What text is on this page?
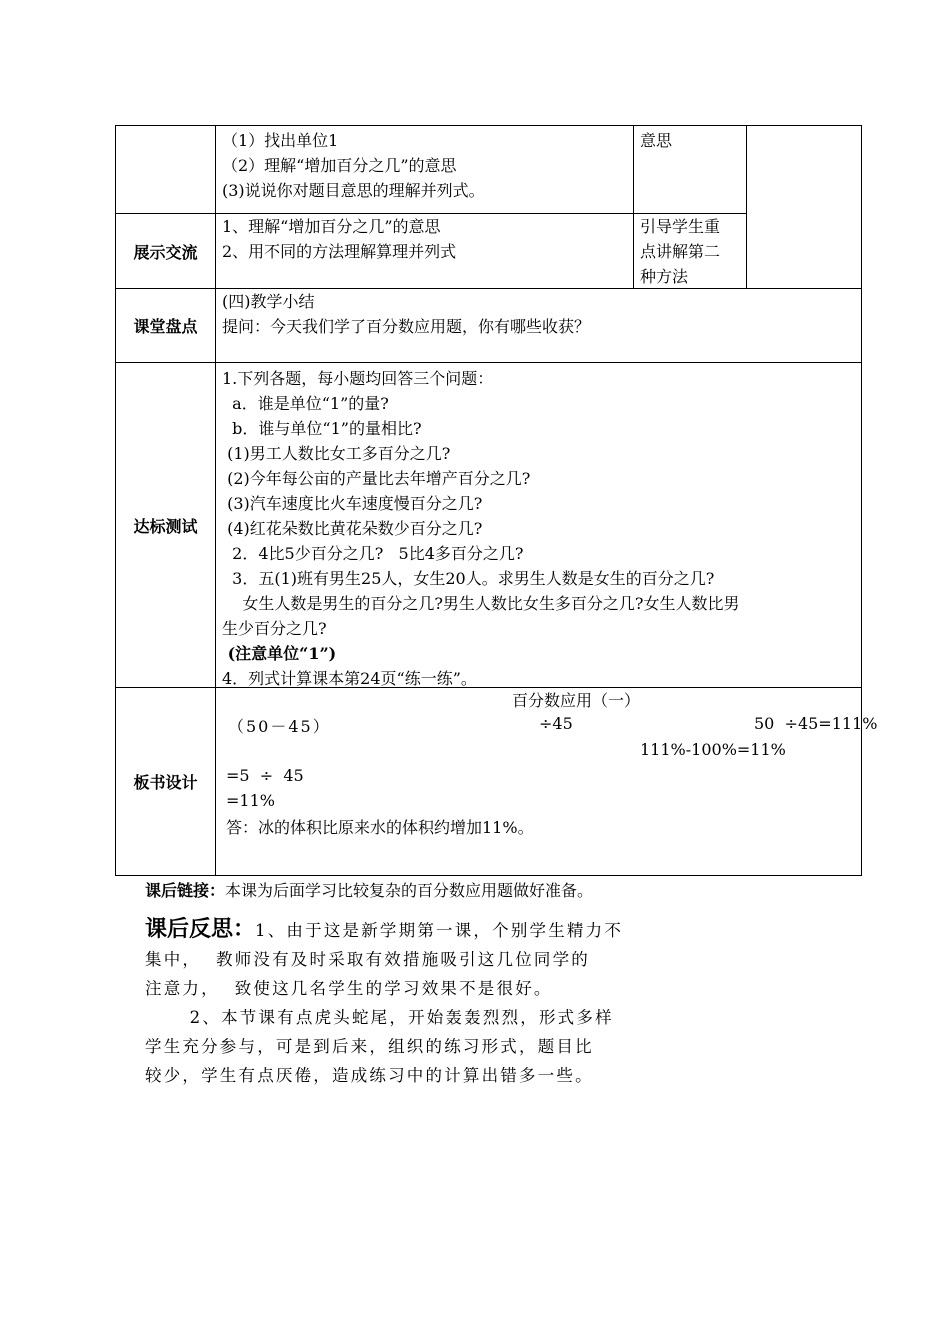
（1）找出单位1
（2）理解“增加百分之几”的意思
(3)说说你对题目意思的理解并列式。
意思
展示交流
1、理解“增加百分之几”的意思
2、用不同的方法理解算理并列式
引导学生重
点讲解第二
种方法
课堂盘点
(四)教学小结
提问：今天我们学了百分数应用题，你有哪些收获？
达标测试
1.下列各题，每小题均回答三个问题：
a．谁是单位“1”的量?
b．谁与单位“1”的量相比?
(1)男工人数比女工多百分之几?
(2)今年每公亩的产量比去年增产百分之几?
(3)汽车速度比火车速度慢百分之几?
(4)红花朵数比黄花朵数少百分之几?
2．4比5少百分之几?   5比4多百分之几?
3．五(1)班有男生25人，女生20人。求男生人数是女生的百分之几?
女生人数是男生的百分之几?男生人数比女生多百分之几?女生人数比男
生少百分之几?
(注意单位“1”)
4．列式计算课本第24页“练一练”。
板书设计
百分数应用（一）
（50－45）	÷45	50  ÷45=111%
111%-100%=11%
=5  ÷  45
=11%
答：冰的体积比原来水的体积约增加11%。
课后链接：本课为后面学习比较复杂的百分数应用题做好准备。
课后反思：1、由于这是新学期第一课，个别学生精力不
集中，  教师没有及时采取有效措施吸引这几位同学的
注意力，  致使这几名学生的学习效果不是很好。
2、本节课有点虎头蛇尾，开始轰轰烈烈，形式多样
学生充分参与，可是到后来，组织的练习形式，题目比
较少，学生有点厌倦，造成练习中的计算出错多一些。
